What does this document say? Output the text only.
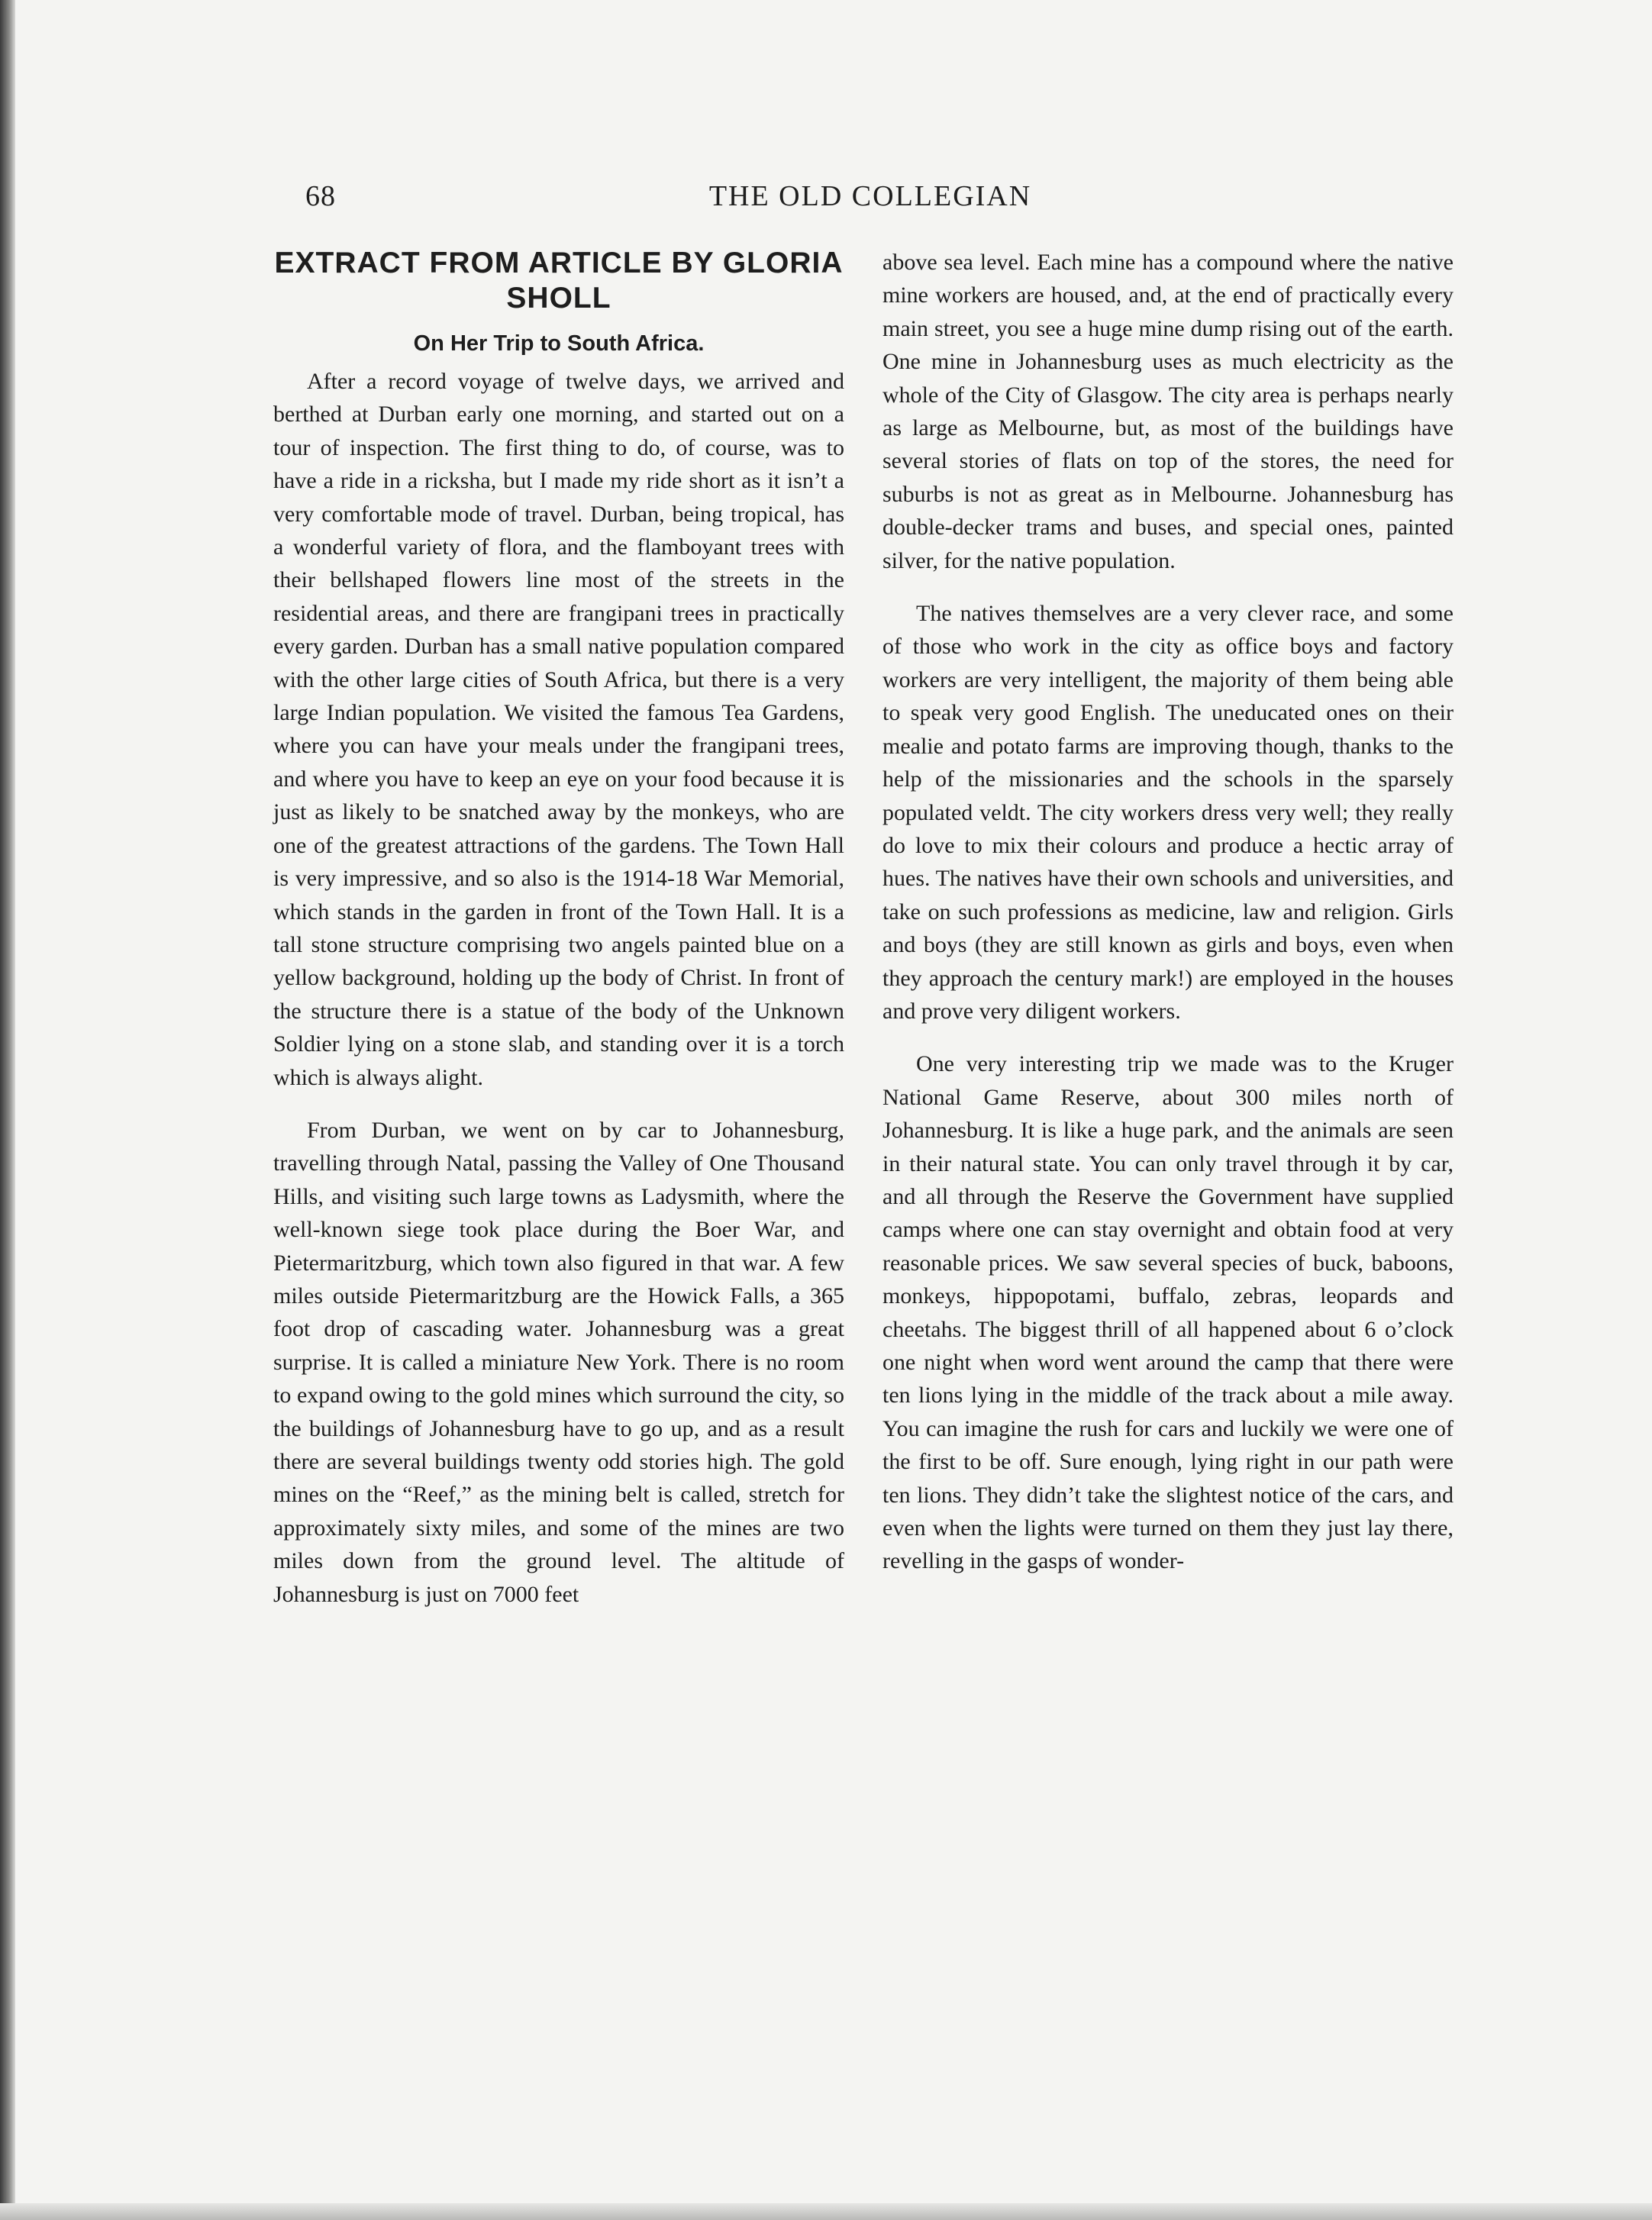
68	THE OLD COLLEGIAN
EXTRACT FROM ARTICLE BY GLORIA SHOLL
On Her Trip to South Africa.

After a record voyage of twelve days, we arrived and berthed at Durban early one morning, and started out on a tour of inspection. The first thing to do, of course, was to have a ride in a ricksha, but I made my ride short as it isn’t a very comfortable mode of travel. Durban, being tropical, has a wonderful variety of flora, and the flamboyant trees with their bellshaped flowers line most of the streets in the residential areas, and there are frangipani trees in practically every garden. Durban has a small native population compared with the other large cities of South Africa, but there is a very large Indian population. We visited the famous Tea Gardens, where you can have your meals under the frangipani trees, and where you have to keep an eye on your food because it is just as likely to be snatched away by the monkeys, who are one of the greatest attractions of the gardens. The Town Hall is very impressive, and so also is the 1914-18 War Memorial, which stands in the garden in front of the Town Hall. It is a tall stone structure comprising two angels painted blue on a yellow background, holding up the body of Christ. In front of the structure there is a statue of the body of the Unknown Soldier lying on a stone slab, and standing over it is a torch which is always alight.

From Durban, we went on by car to Johannesburg, travelling through Natal, passing the Valley of One Thousand Hills, and visiting such large towns as Ladysmith, where the well-known siege took place during the Boer War, and Pietermaritzburg, which town also figured in that war. A few miles outside Pietermaritzburg are the Howick Falls, a 365 foot drop of cascading water. Johannesburg was a great surprise. It is called a miniature New York. There is no room to expand owing to the gold mines which surround the city, so the buildings of Johannesburg have to go up, and as a result there are several buildings twenty odd stories high. The gold mines on the “Reef,” as the mining belt is called, stretch for approximately sixty miles, and some of the mines are two miles down from the ground level. The altitude of Johannesburg is just on 7000 feet

above sea level. Each mine has a compound where the native mine workers are housed, and, at the end of practically every main street, you see a huge mine dump rising out of the earth. One mine in Johannesburg uses as much electricity as the whole of the City of Glasgow. The city area is perhaps nearly as large as Melbourne, but, as most of the buildings have several stories of flats on top of the stores, the need for suburbs is not as great as in Melbourne. Johannesburg has double-decker trams and buses, and special ones, painted silver, for the native population.

The natives themselves are a very clever race, and some of those who work in the city as office boys and factory workers are very intelligent, the majority of them being able to speak very good English. The uneducated ones on their mealie and potato farms are improving though, thanks to the help of the missionaries and the schools in the sparsely populated veldt. The city workers dress very well; they really do love to mix their colours and produce a hectic array of hues. The natives have their own schools and universities, and take on such professions as medicine, law and religion. Girls and boys (they are still known as girls and boys, even when they approach the century mark!) are employed in the houses and prove very diligent workers.

One very interesting trip we made was to the Kruger National Game Reserve, about 300 miles north of Johannesburg. It is like a huge park, and the animals are seen in their natural state. You can only travel through it by car, and all through the Reserve the Government have supplied camps where one can stay overnight and obtain food at very reasonable prices. We saw several species of buck, baboons, monkeys, hippopotami, buffalo, zebras, leopards and cheetahs. The biggest thrill of all happened about 6 o’clock one night when word went around the camp that there were ten lions lying in the middle of the track about a mile away. You can imagine the rush for cars and luckily we were one of the first to be off. Sure enough, lying right in our path were ten lions. They didn’t take the slightest notice of the cars, and even when the lights were turned on them they just lay there, revelling in the gasps of wonder-
